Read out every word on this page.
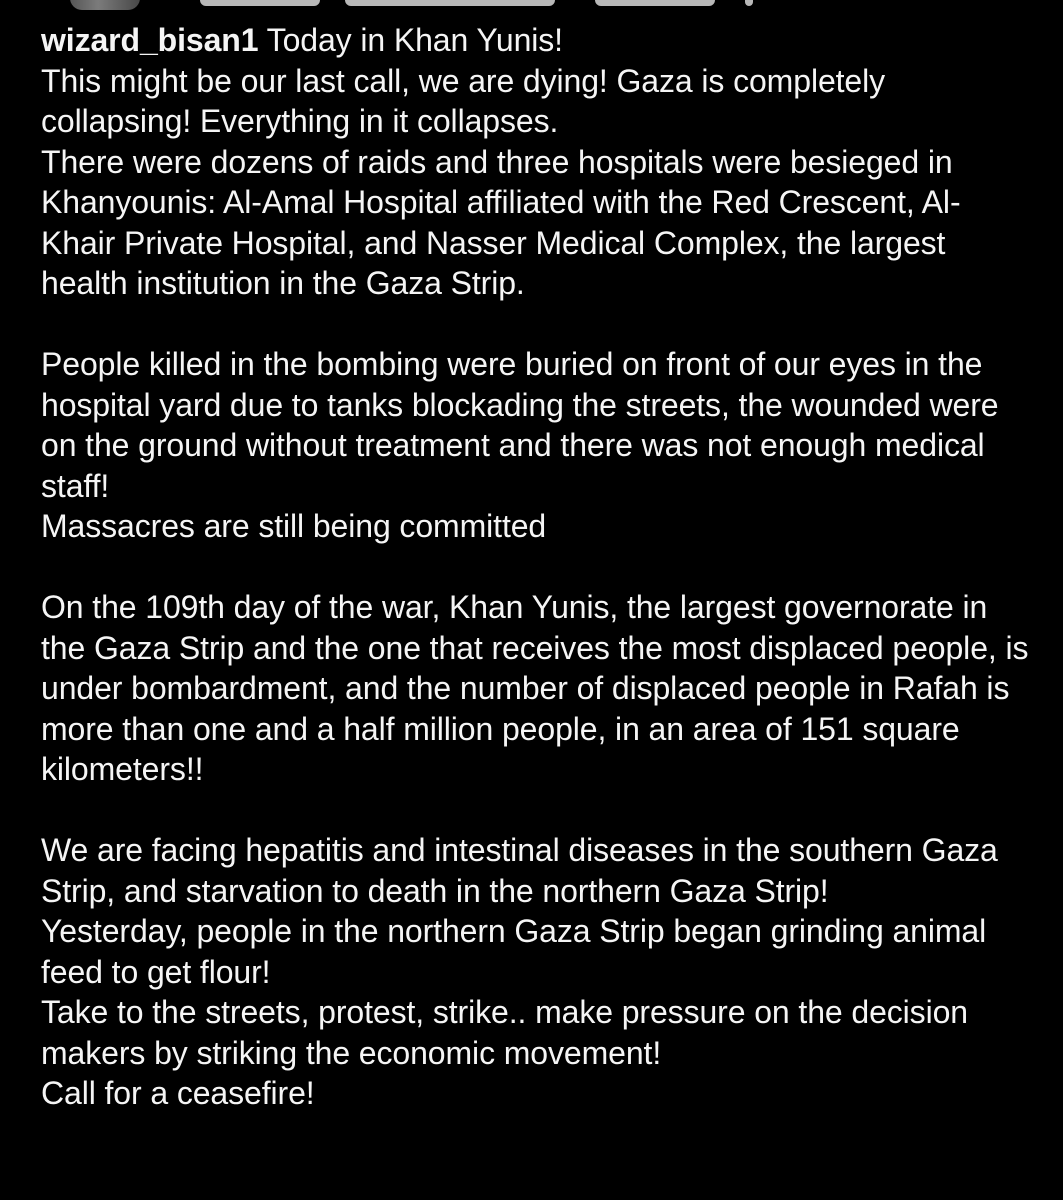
wizard_bisan1 Today in Khan Yunis!

This might be our last call, we are dying! Gaza is completely collapsing! Everything in it collapses.

There were dozens of raids and three hospitals were besieged in Khanyounis: Al-Amal Hospital affiliated with the Red Crescent, Al-Khair Private Hospital, and Nasser Medical Complex, the largest health institution in the Gaza Strip.

People killed in the bombing were buried on front of our eyes in the hospital yard due to tanks blockading the streets, the wounded were on the ground without treatment and there was not enough medical staff!

Massacres are still being committed

On the 109th day of the war, Khan Yunis, the largest governorate in the Gaza Strip and the one that receives the most displaced people, is under bombardment, and the number of displaced people in Rafah is more than one and a half million people, in an area of 151 square kilometers!!

We are facing hepatitis and intestinal diseases in the southern Gaza Strip, and starvation to death in the northern Gaza Strip!

Yesterday, people in the northern Gaza Strip began grinding animal feed to get flour!

Take to the streets, protest, strike.. make pressure on the decision makers by striking the economic movement!

Call for a ceasefire!
